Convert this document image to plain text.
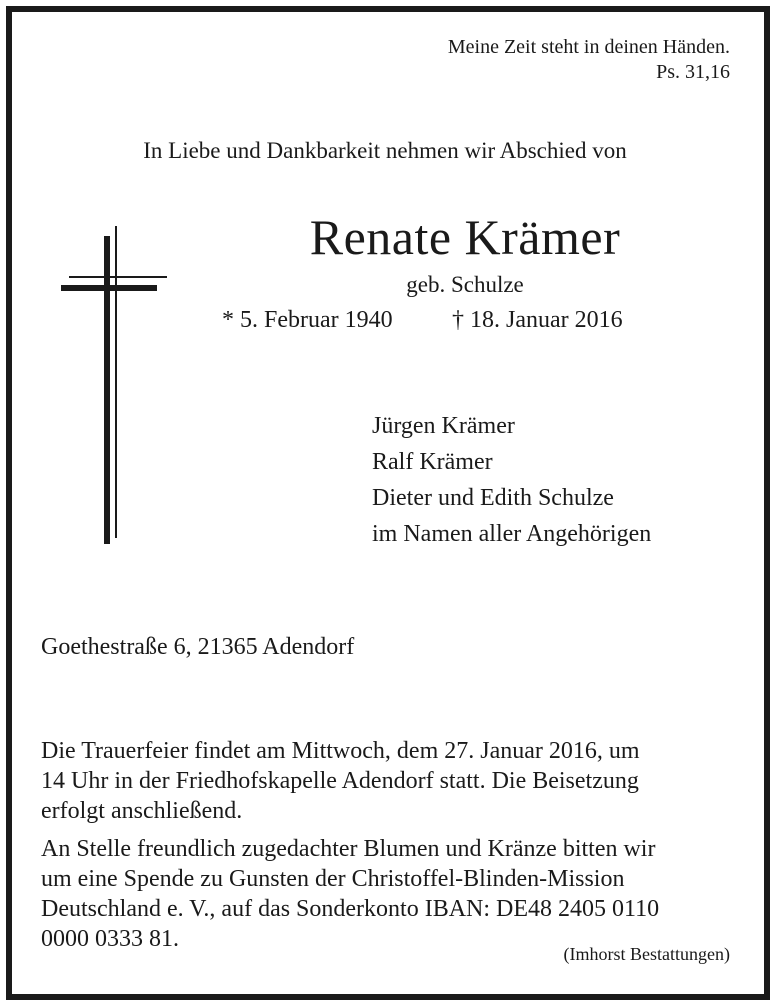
Meine Zeit steht in deinen Händen.
Ps. 31,16
In Liebe und Dankbarkeit nehmen wir Abschied von
Renate Krämer
geb. Schulze
* 5. Februar 1940 † 18. Januar 2016
Jürgen Krämer
Ralf Krämer
Dieter und Edith Schulze
im Namen aller Angehörigen
Goethestraße 6, 21365 Adendorf
Die Trauerfeier findet am Mittwoch, dem 27. Januar 2016, um
14 Uhr in der Friedhofskapelle Adendorf statt. Die Beisetzung
erfolgt anschließend.
An Stelle freundlich zugedachter Blumen und Kränze bitten wir
um eine Spende zu Gunsten der Christoffel-Blinden-Mission
Deutschland e. V., auf das Sonderkonto IBAN: DE48 2405 0110
0000 0333 81.
(Imhorst Bestattungen)
